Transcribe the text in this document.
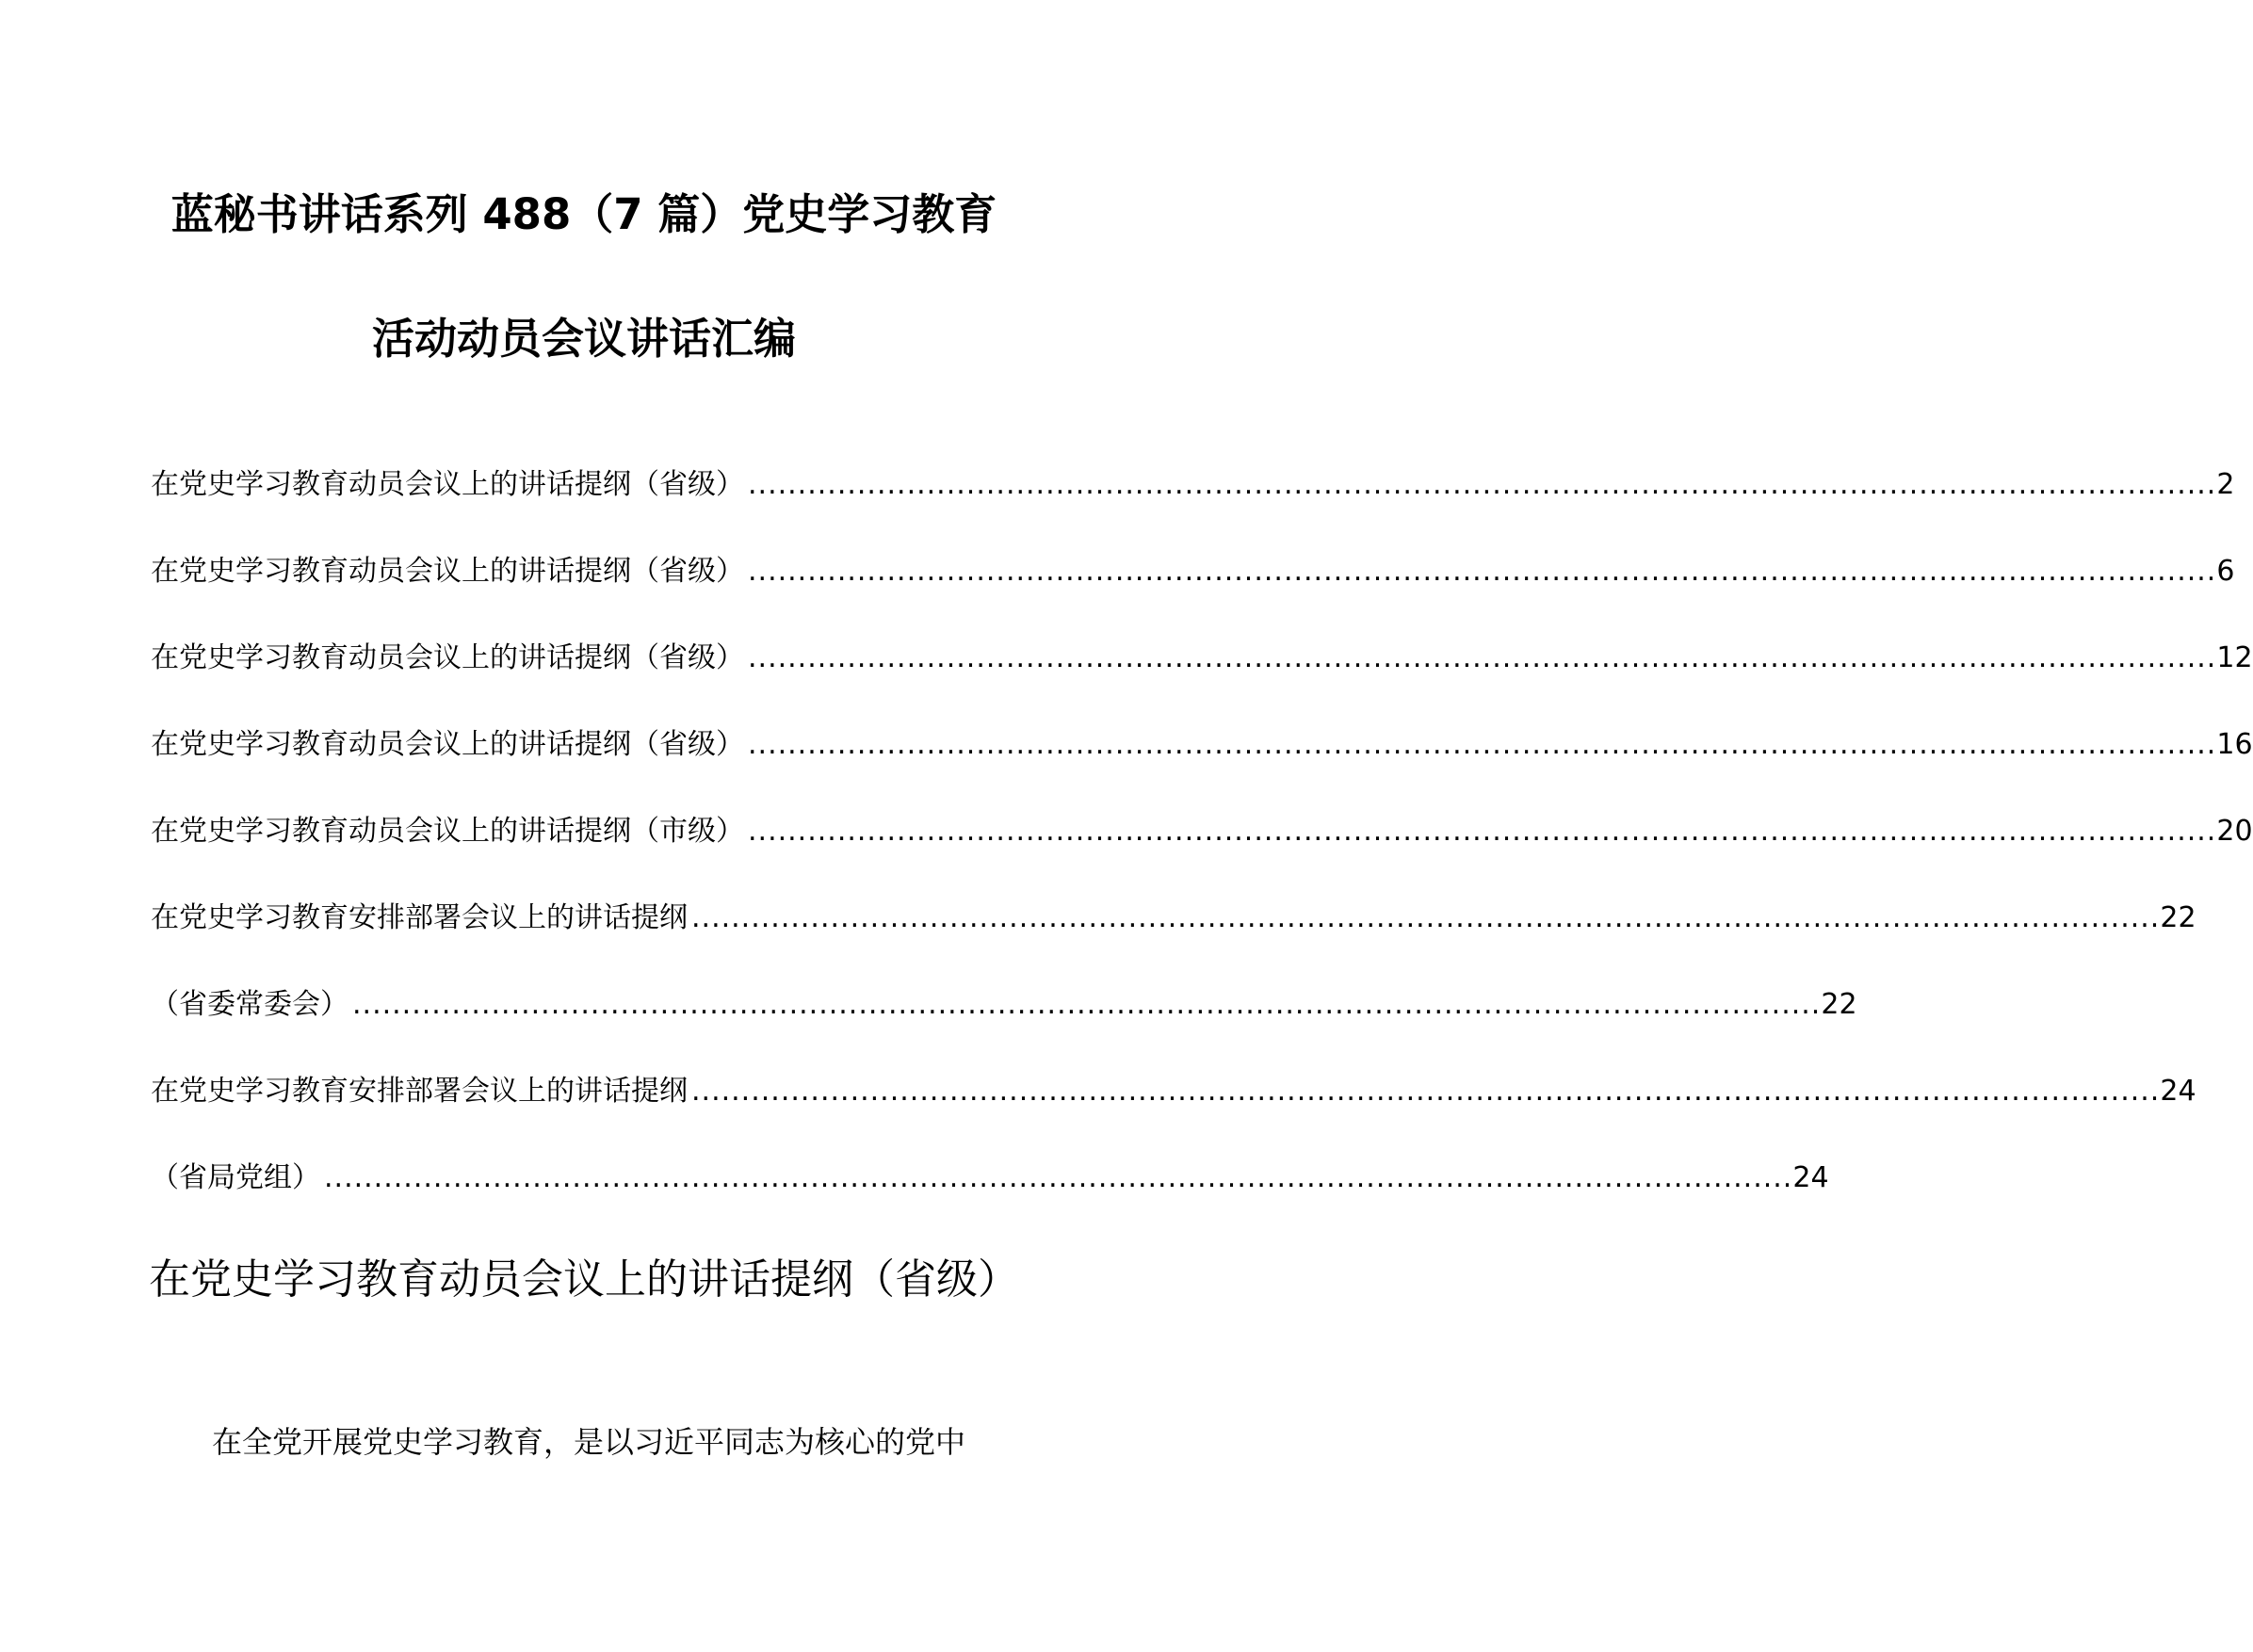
蓝秘书讲话系列 488（7 篇）党史学习教育
活动动员会议讲话汇编
在党史学习教育动员会议上的讲话提纲（省级） .................................................................................................................................................... 2
在党史学习教育动员会议上的讲话提纲（省级） .................................................................................................................................................... 6
在党史学习教育动员会议上的讲话提纲（省级） .................................................................................................................................................... 12
在党史学习教育动员会议上的讲话提纲（省级） .................................................................................................................................................... 16
在党史学习教育动员会议上的讲话提纲（市级） .................................................................................................................................................... 20
在党史学习教育安排部署会议上的讲话提纲 .................................................................................................................................................... 22
（省委常委会） .................................................................................................................................................... 22
在党史学习教育安排部署会议上的讲话提纲 .................................................................................................................................................... 24
（省局党组） .................................................................................................................................................... 24
在党史学习教育动员会议上的讲话提纲（省级）
在全党开展党史学习教育，是以习近平同志为核心的党中
